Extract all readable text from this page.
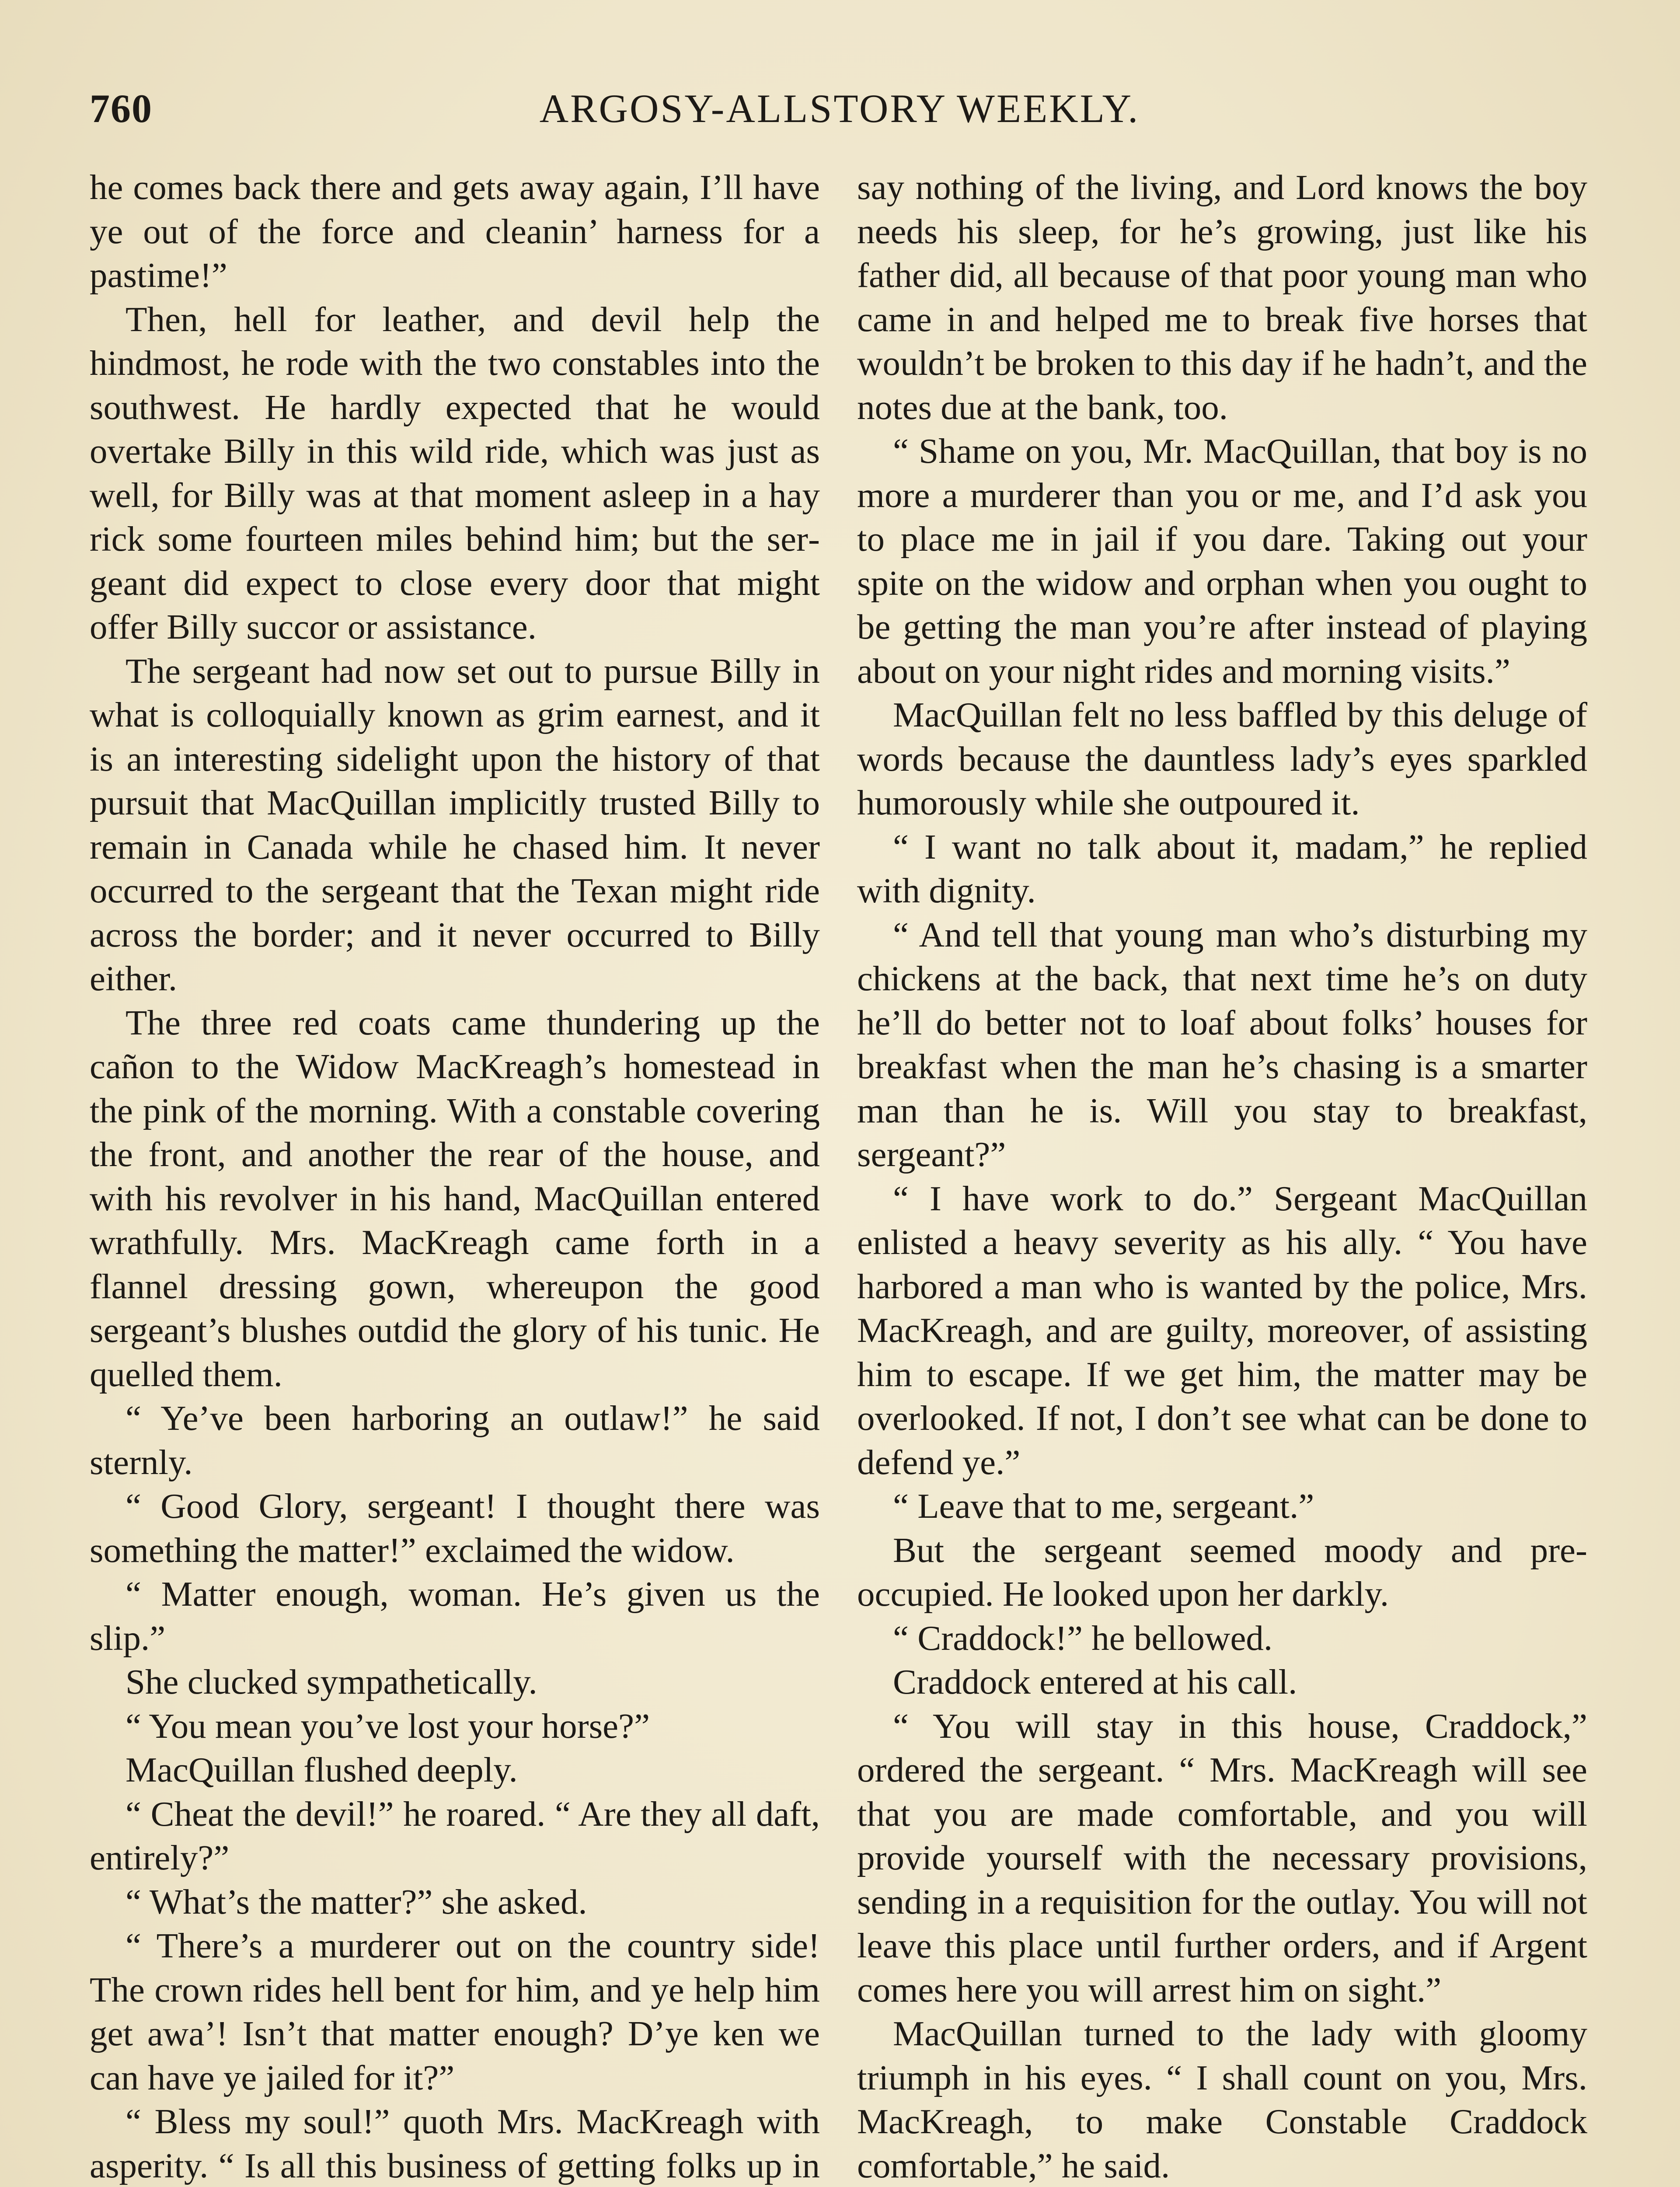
760	ARGOSY-ALLSTORY WEEKLY.

he comes back there and gets away again, I’ll have ye out of the force and cleanin’ harness for a pastime!”

Then, hell for leather, and devil help the hindmost, he rode with the two constables into the southwest. He hardly expected that he would overtake Billy in this wild ride, which was just as well, for Billy was at that moment asleep in a hay rick some fourteen miles behind him; but the sergeant did expect to close every door that might offer Billy succor or assistance.

The sergeant had now set out to pursue Billy in what is colloquially known as grim earnest, and it is an interesting sidelight upon the history of that pursuit that MacQuillan implicitly trusted Billy to remain in Canada while he chased him. It never occurred to the sergeant that the Texan might ride across the border; and it never occurred to Billy either.

The three red coats came thundering up the cañon to the Widow MacKreagh’s homestead in the pink of the morning. With a constable covering the front, and another the rear of the house, and with his revolver in his hand, MacQuillan entered wrathfully. Mrs. MacKreagh came forth in a flannel dressing gown, whereupon the good sergeant’s blushes outdid the glory of his tunic. He quelled them.

“ Ye’ve been harboring an outlaw!” he said sternly.

“ Good Glory, sergeant! I thought there was something the matter!” exclaimed the widow.

“ Matter enough, woman. He’s given us the slip.”

She clucked sympathetically.

“ You mean you’ve lost your horse?”

MacQuillan flushed deeply.

“ Cheat the devil!” he roared. “ Are they all daft, entirely?”

“ What’s the matter?” she asked.

“ There’s a murderer out on the country side! The crown rides hell bent for him, and ye help him get awa’! Isn’t that matter enough? D’ye ken we can have ye jailed for it?”

“ Bless my soul!” quoth Mrs. MacKreagh with asperity. “ Is all this business of getting folks up in

say nothing of the living, and Lord knows the boy needs his sleep, for he’s growing, just like his father did, all because of that poor young man who came in and helped me to break five horses that wouldn’t be broken to this day if he hadn’t, and the notes due at the bank, too.

“ Shame on you, Mr. MacQuillan, that boy is no more a murderer than you or me, and I’d ask you to place me in jail if you dare. Taking out your spite on the widow and orphan when you ought to be getting the man you’re after instead of playing about on your night rides and morning visits.”

MacQuillan felt no less baffled by this deluge of words because the dauntless lady’s eyes sparkled humorously while she outpoured it.

“ I want no talk about it, madam,” he replied with dignity.

“ And tell that young man who’s disturbing my chickens at the back, that next time he’s on duty he’ll do better not to loaf about folks’ houses for breakfast when the man he’s chasing is a smarter man than he is. Will you stay to breakfast, sergeant?”

“ I have work to do.” Sergeant MacQuillan enlisted a heavy severity as his ally. “ You have harbored a man who is wanted by the police, Mrs. MacKreagh, and are guilty, moreover, of assisting him to escape. If we get him, the matter may be overlooked. If not, I don’t see what can be done to defend ye.”

“ Leave that to me, sergeant.”

But the sergeant seemed moody and preoccupied. He looked upon her darkly.

“ Craddock!” he bellowed.

Craddock entered at his call.

“ You will stay in this house, Craddock,” ordered the sergeant. “ Mrs. MacKreagh will see that you are made comfortable, and you will provide yourself with the necessary provisions, sending in a requisition for the outlay. You will not leave this place until further orders, and if Argent comes here you will arrest him on sight.”

MacQuillan turned to the lady with gloomy triumph in his eyes. “ I shall count on you, Mrs. MacKreagh, to make Constable Craddock comfortable,” he said.
